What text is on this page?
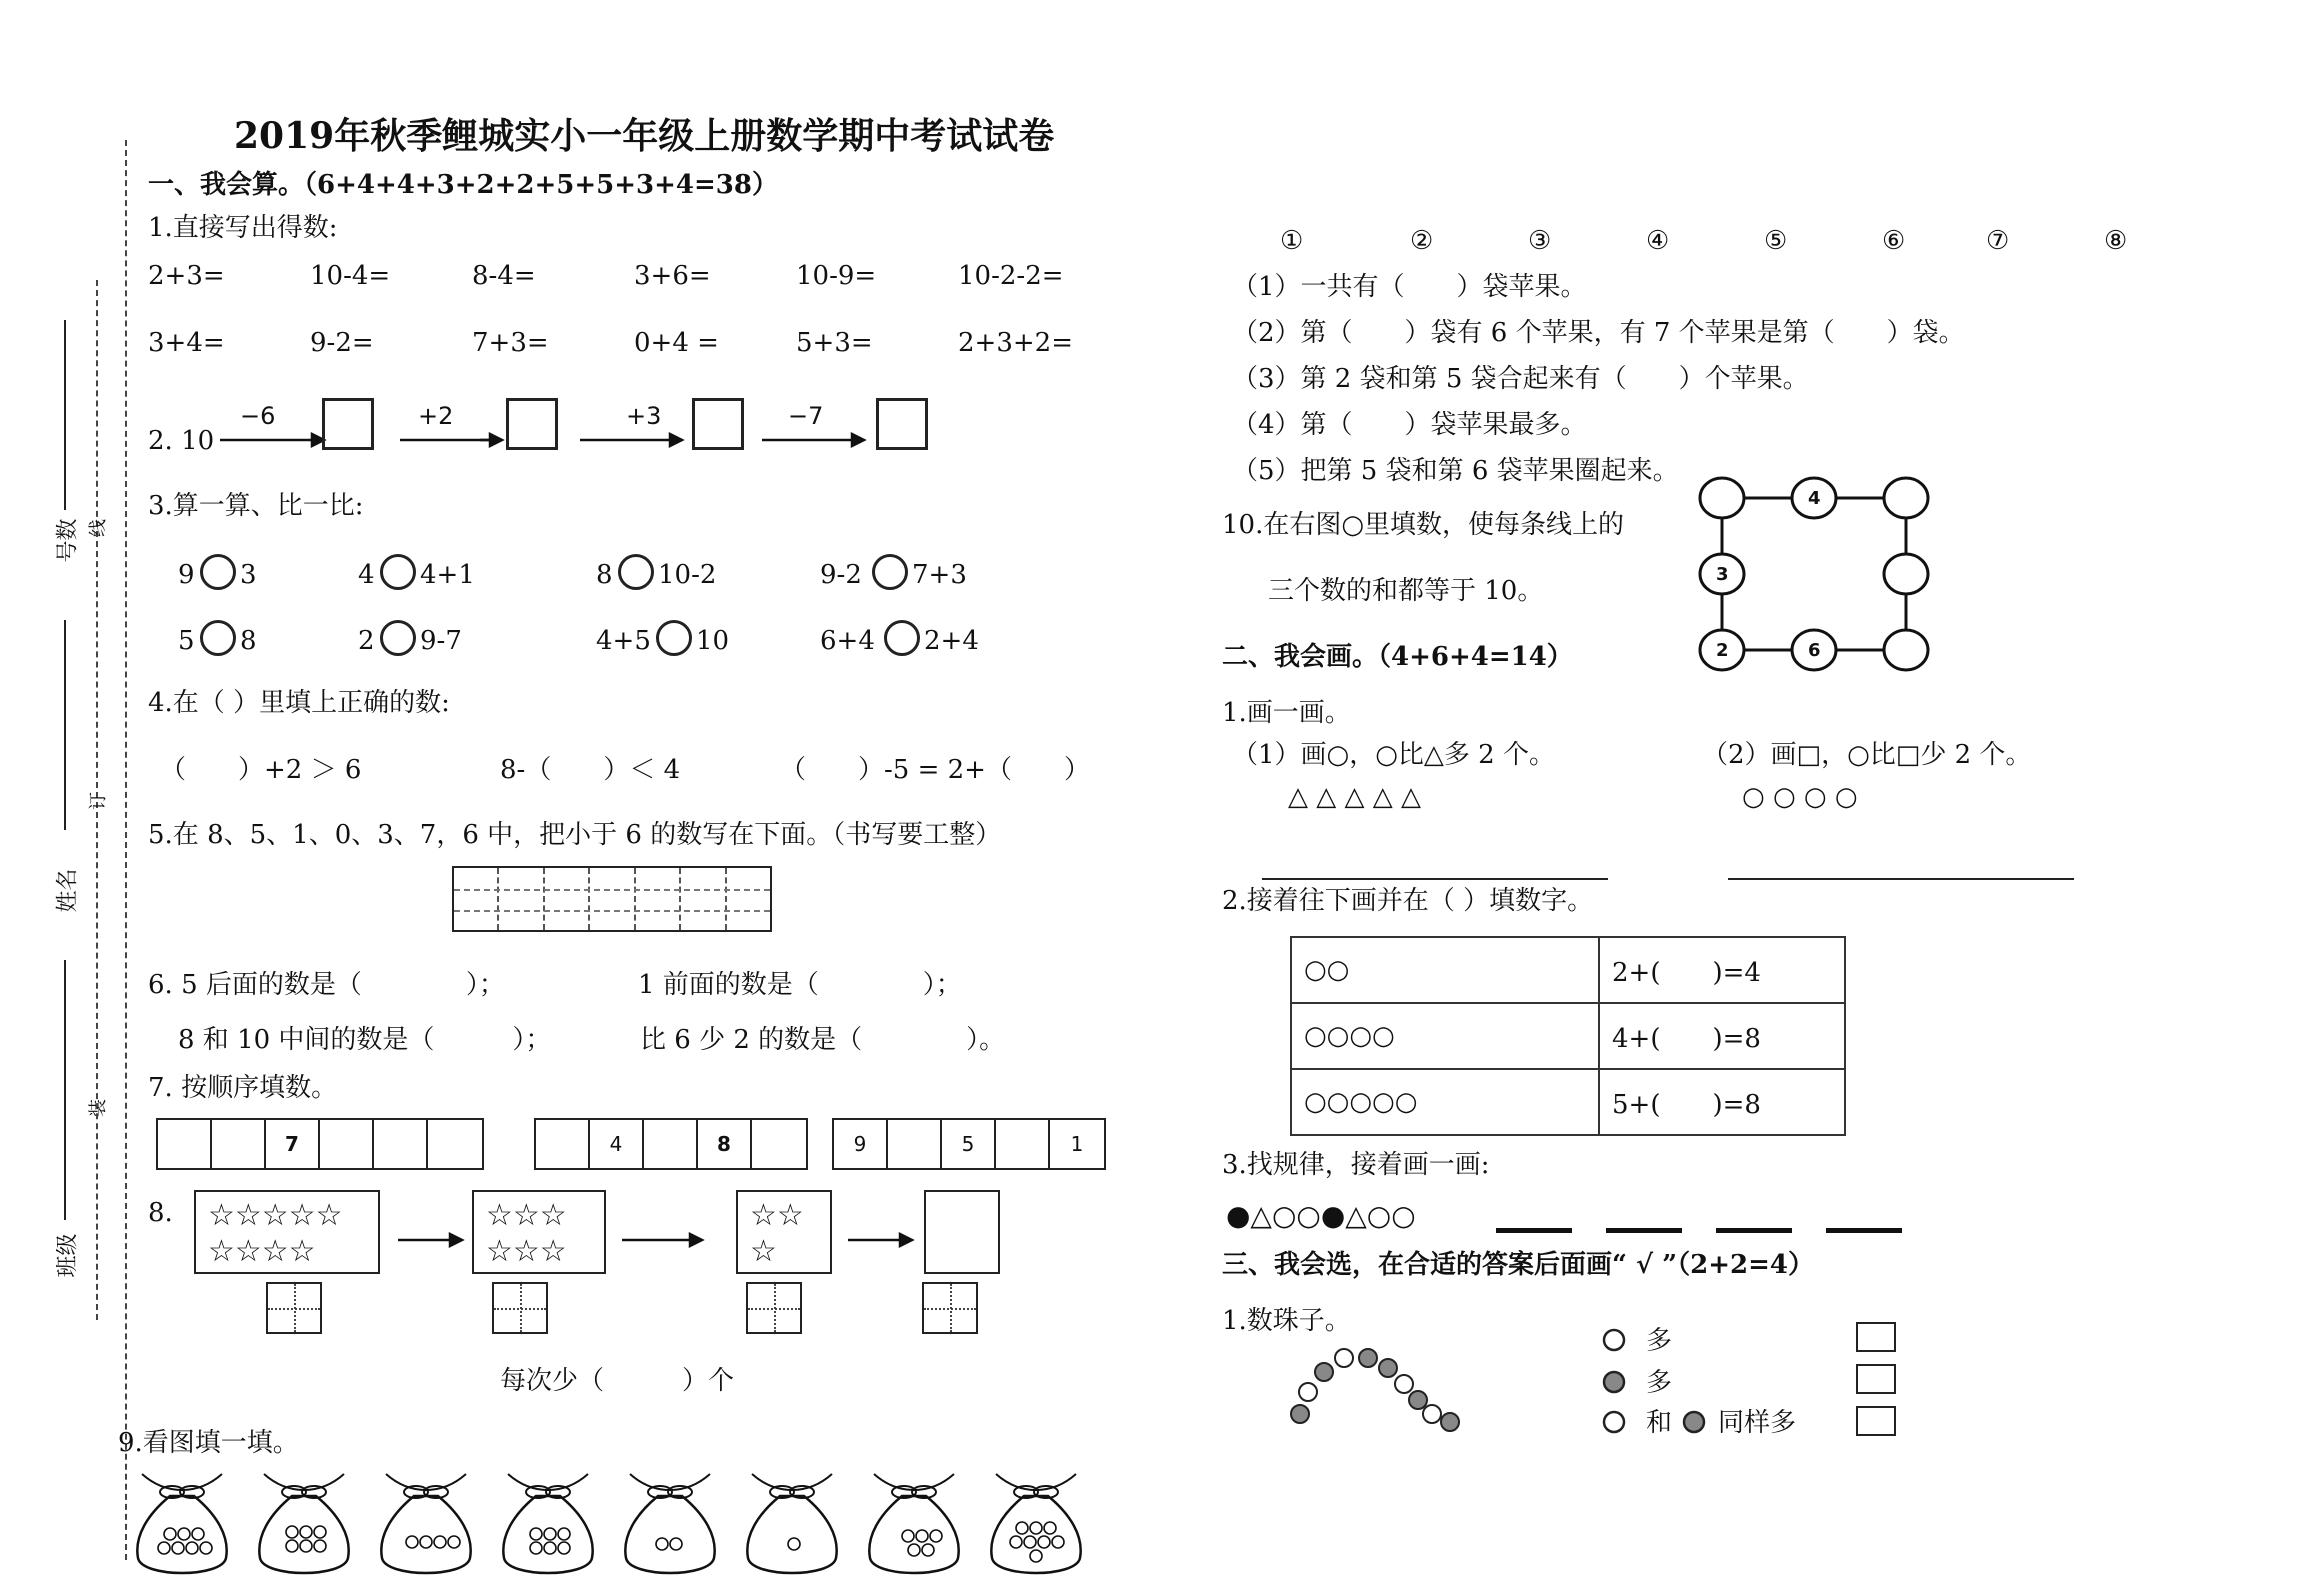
号数
姓名
班级
线
订
装
2019年秋季鲤城实小一年级上册数学期中考试试卷
一、我会算。（6+4+4+3+2+2+5+5+3+4=38）
1.直接写出得数:
2+3=	10-4=	8-4=	3+6=	10-9=	10-2-2=
3+4=	9-2=	7+3=	0+4 =	5+3=	2+3+2=
2. 10
−6	+2	+3	−7
3.算一算、比一比:
9 3	4 4+1	8 10-2	9-2 7+3
5 8	2 9-7	4+5 10	6+4 2+4
4.在（ ）里填上正确的数:
（　　）+2 ＞ 6	8-（　　）＜ 4	（　　）-5 = 2+（　　）
5.在 8、5、1、0、3、7，6 中，把小于 6 的数写在下面。（书写要工整）
6. 5 后面的数是（　　　　）；	1 前面的数是（　　　　）；
8 和 10 中间的数是（　　　）；	比 6 少 2 的数是（　　　　）。
7. 按顺序填数。
7	4	8	9	5	1
8. ☆☆☆☆☆
☆☆☆☆
☆☆☆
☆☆☆
☆☆
☆
每次少（　　　）个
9.看图填一填。
①	②	③	④	⑤	⑥	⑦	⑧
（1）一共有（　　）袋苹果。
（2）第（　　）袋有 6 个苹果，有 7 个苹果是第（　　）袋。
（3）第 2 袋和第 5 袋合起来有（　　）个苹果。
（4）第（　　）袋苹果最多。
（5）把第 5 袋和第 6 袋苹果圈起来。
10.在右图○里填数，使每条线上的
三个数的和都等于 10。
4
3
2	6
二、我会画。（4+6+4=14）
1.画一画。
（1）画○，○比△多 2 个。	（2）画□，○比□少 2 个。
△ △ △ △ △	○ ○ ○ ○
2.接着往下画并在（ ）填数字。
○○	2+(　　)=4
○○○○	4+(　　)=8
○○○○○	5+(　　)=8
3.找规律，接着画一画:
●△○○●△○○
三、我会选，在合适的答案后面画“ √ ”（2+2=4）
1.数珠子。
多
多
和 同样多
